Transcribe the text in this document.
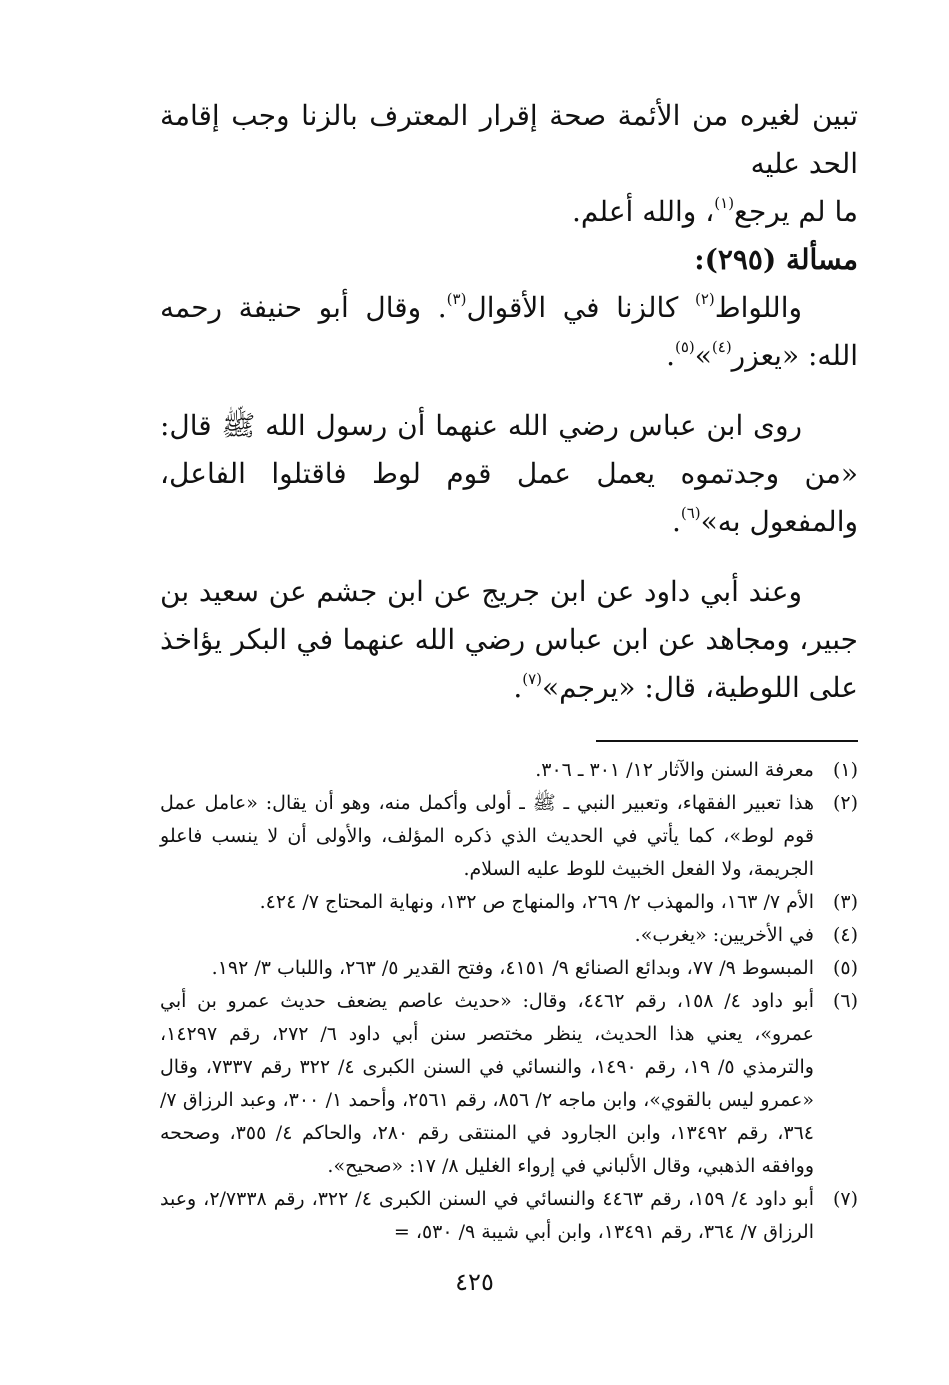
تبين لغيره من الأئمة صحة إقرار المعترف بالزنا وجب إقامة الحد عليه

ما لم يرجع$^{(١)}$، والله أعلم.

مسألة (٢٩٥):

واللواط$^{(٢)}$ كالزنا في الأقوال$^{(٣)}$. وقال أبو حنيفة رحمه الله: «يعزر$^{(٤)}$»$^{(٥)}$.

روى ابن عباس رضي الله عنهما أن رسول الله ﷺ قال: «من وجدتموه يعمل عمل قوم لوط فاقتلوا الفاعل، والمفعول به»$^{(٦)}$.

وعند أبي داود عن ابن جريج عن ابن جشم عن سعيد بن جبير، ومجاهد عن ابن عباس رضي الله عنهما في البكر يؤاخذ على اللوطية، قال: «يرجم»$^{(٧)}$.

(١)
معرفة السنن والآثار ١٢/ ٣٠١ ـ ٣٠٦.
(٢)
هذا تعبير الفقهاء، وتعبير النبي ـ ﷺ ـ أولى وأكمل منه، وهو أن يقال: «عامل عمل قوم لوط»، كما يأتي في الحديث الذي ذكره المؤلف، والأولى أن لا ينسب فاعلو الجريمة، ولا الفعل الخبيث للوط عليه السلام.
(٣)
الأم ٧/ ١٦٣، والمهذب ٢/ ٢٦٩، والمنهاج ص ١٣٢، ونهاية المحتاج ٧/ ٤٢٤.
(٤)
في الأخريين: «يغرب».
(٥)
المبسوط ٩/ ٧٧، وبدائع الصنائع ٩/ ٤١٥١، وفتح القدير ٥/ ٢٦٣، واللباب ٣/ ١٩٢.
(٦)
أبو داود ٤/ ١٥٨، رقم ٤٤٦٢، وقال: «حديث عاصم يضعف حديث عمرو بن أبي عمرو»، يعني هذا الحديث، ينظر مختصر سنن أبي داود ٦/ ٢٧٢، رقم ١٤٢٩٧، والترمذي ٥/ ١٩، رقم ١٤٩٠، والنسائي في السنن الكبرى ٤/ ٣٢٢ رقم ٧٣٣٧، وقال «عمرو ليس بالقوي»، وابن ماجه ٢/ ٨٥٦، رقم ٢٥٦١، وأحمد ١/ ٣٠٠، وعبد الرزاق ٧/ ٣٦٤، رقم ١٣٤٩٢، وابن الجارود في المنتقى رقم ٢٨٠، والحاكم ٤/ ٣٥٥، وصححه ووافقه الذهبي، وقال الألباني في إرواء الغليل ٨/ ١٧: «صحيح».
(٧)
أبو داود ٤/ ١٥٩، رقم ٤٤٦٣ والنسائي في السنن الكبرى ٤/ ٣٢٢، رقم ٢/٧٣٣٨، وعبد الرزاق ٧/ ٣٦٤، رقم ١٣٤٩١، وابن أبي شيبة ٩/ ٥٣٠، =
٤٢٥
